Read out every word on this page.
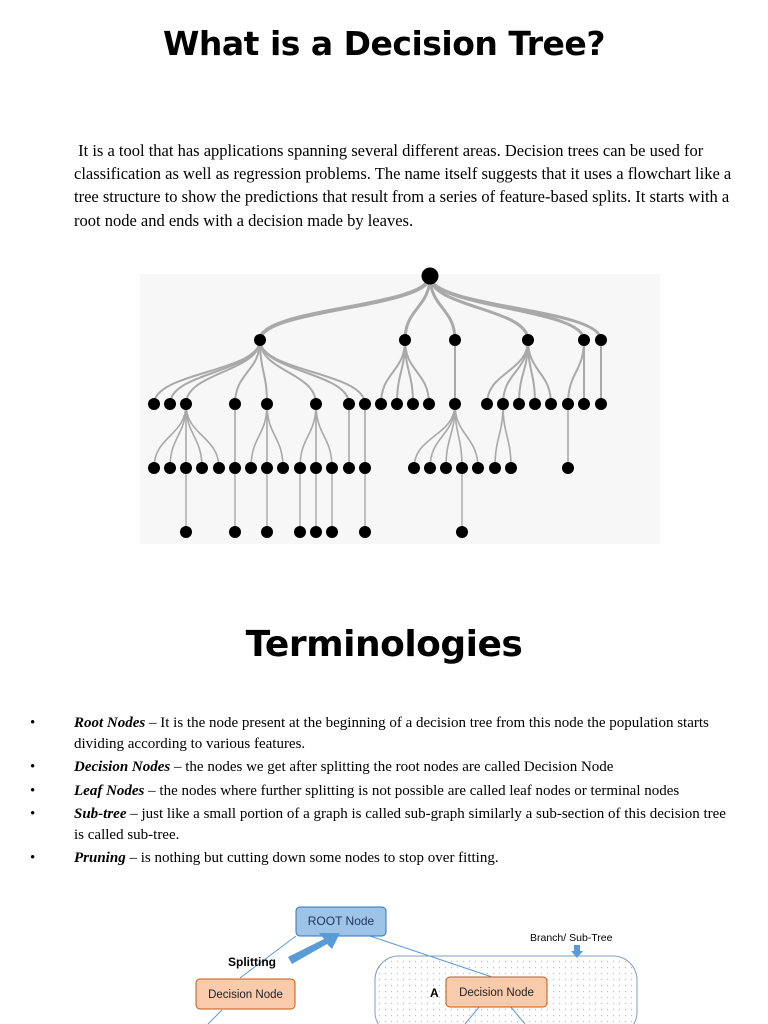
What is a Decision Tree?
It is a tool that has applications spanning several different areas. Decision trees can be used for classification as well as regression problems. The name itself suggests that it uses a flowchart like a tree structure to show the predictions that result from a series of feature-based splits. It starts with a root node and ends with a decision made by leaves.
Terminologies
•	Root Nodes – It is the node present at the beginning of a decision tree from this node the population starts dividing according to various features.
•	Decision Nodes – the nodes we get after splitting the root nodes are called Decision Node
•	Leaf Nodes – the nodes where further splitting is not possible are called leaf nodes or terminal nodes
•	Sub-tree – just like a small portion of a graph is called sub-graph similarly a sub-section of this decision tree is called sub-tree.
•	Pruning – is nothing but cutting down some nodes to stop over fitting.
ROOT Node
Splitting
Branch/ Sub-Tree
Decision Node	A Decision Node
